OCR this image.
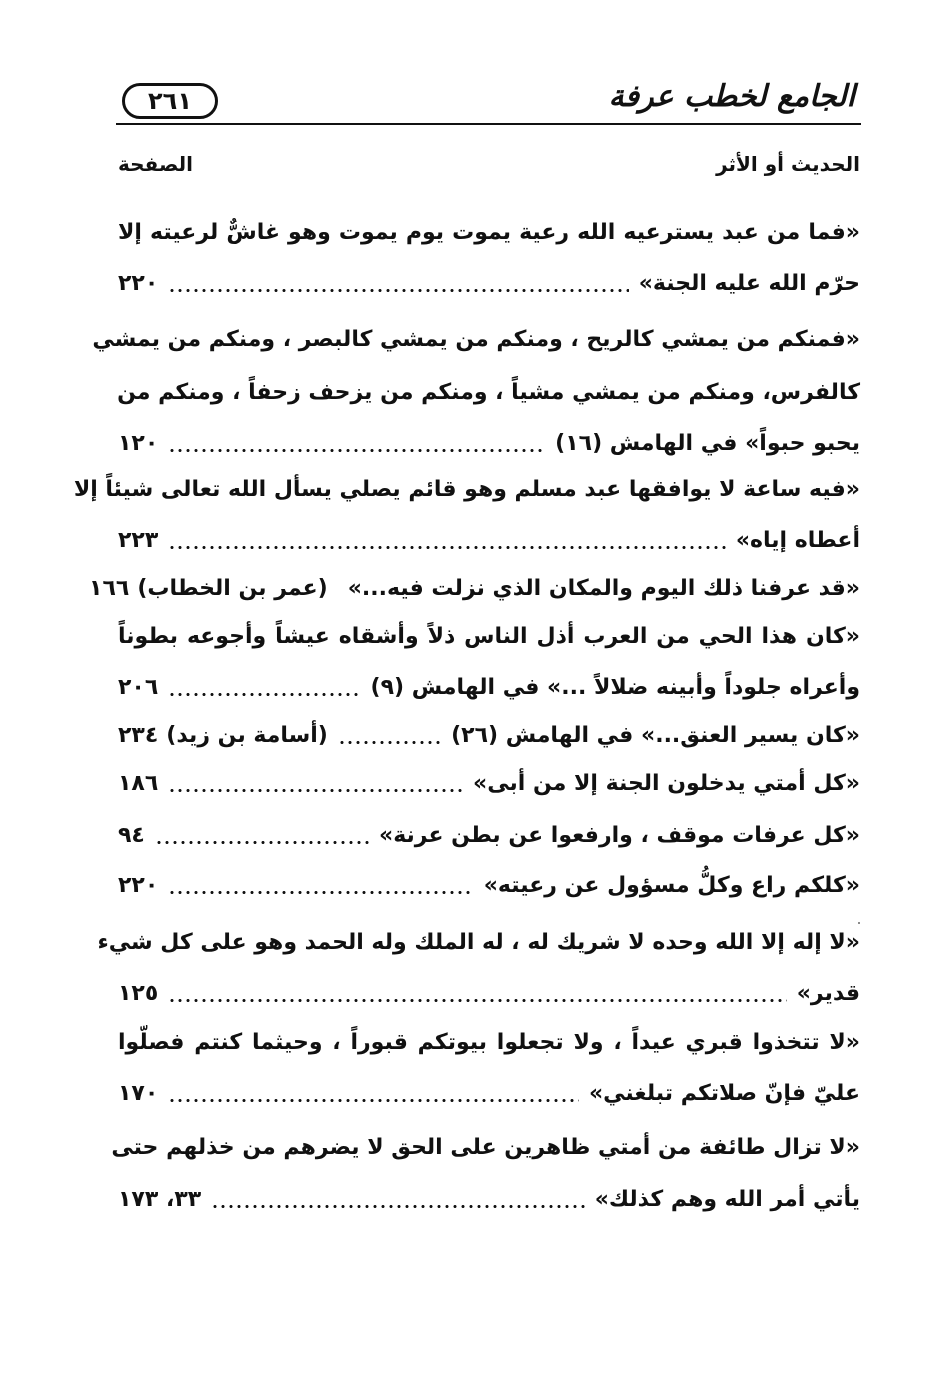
الجامع لخطب عرفة
٢٦١
الحديث أو الأثر
الصفحة
«فما من عبد يسترعيه الله رعية يموت يوم يموت وهو غاشٌّ لرعيته إلا
حرّم الله عليه الجنة»
٢٢٠
«فمنكم من يمشي كالريح ، ومنكم من يمشي كالبصر ، ومنكم من يمشي
كالفرس، ومنكم من يمشي مشياً ، ومنكم من يزحف زحفاً ، ومنكم من
يحبو حبواً» في الهامش (١٦)
١٢٠
«فيه ساعة لا يوافقها عبد مسلم وهو قائم يصلي يسأل الله تعالى شيئاً إلا
أعطاه إياه»
٢٢٣
«قد عرفنا ذلك اليوم والمكان الذي نزلت فيه...»
(عمر بن الخطاب)
١٦٦
«كان هذا الحي من العرب أذل الناس ذلاً وأشقاه عيشاً وأجوعه بطوناً
وأعراه جلوداً وأبينه ضلالاً ...» في الهامش (٩)
٢٠٦
«كان يسير العنق...» في الهامش (٢٦)
(أسامة بن زيد)
٢٣٤
«كل أمتي يدخلون الجنة إلا من أبى»
١٨٦
«كل عرفات موقف ، وارفعوا عن بطن عرنة»
٩٤
«كلكم راع وكلُّ مسؤول عن رعيته»
٢٢٠
«لا إله إلا الله وحده لا شريك له ، له الملك وله الحمد وهو على كل شيء
قدير»
١٢٥
«لا تتخذوا قبري عيداً ، ولا تجعلوا بيوتكم قبوراً ، وحيثما كنتم فصلّوا
عليّ فإنّ صلاتكم تبلغني»
١٧٠
«لا تزال طائفة من أمتي ظاهرين على الحق لا يضرهم من خذلهم حتى
يأتي أمر الله وهم كذلك»
٣٣، ١٧٣
